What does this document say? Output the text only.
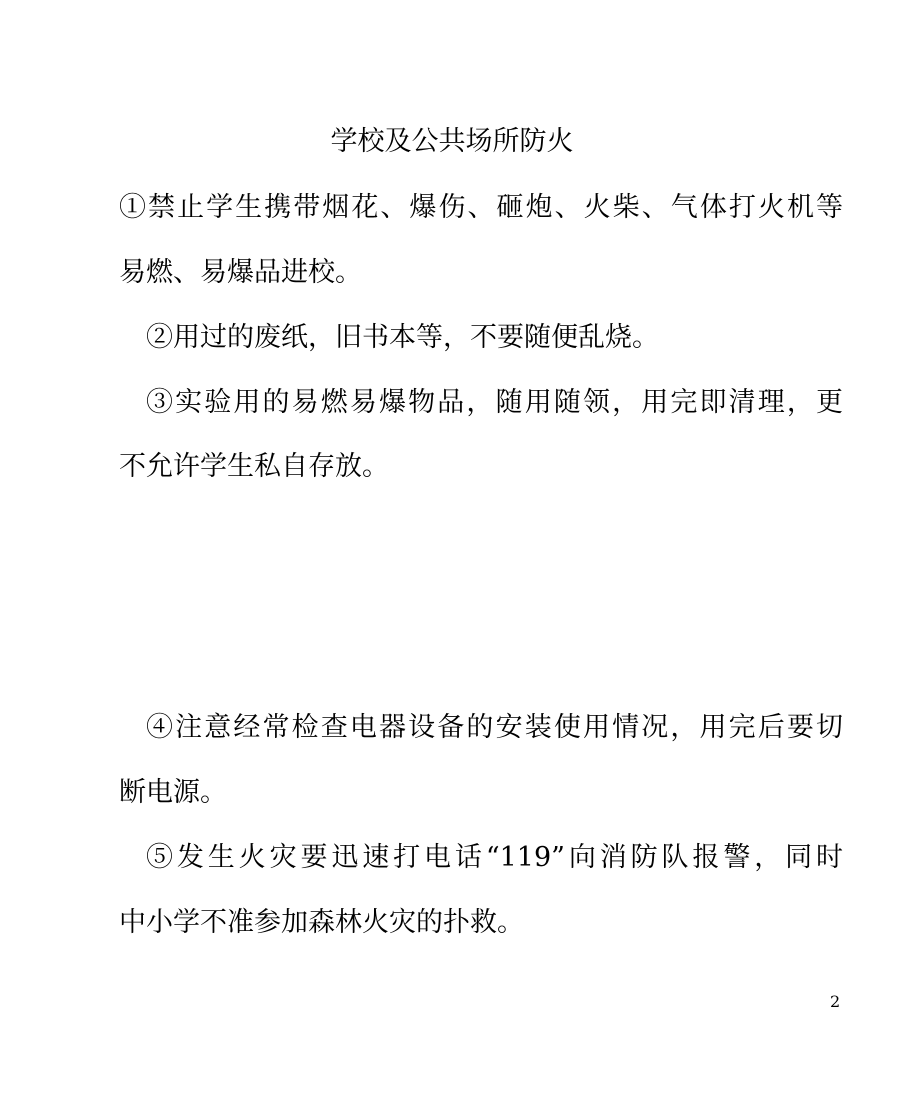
学校及公共场所防火
①禁止学生携带烟花、爆伤、砸炮、火柴、气体打火机等
易燃、易爆品进校。
②用过的废纸，旧书本等，不要随便乱烧。
③实验用的易燃易爆物品，随用随领，用完即清理，更
不允许学生私自存放。
④注意经常检查电器设备的安装使用情况，用完后要切
断电源。
⑤发生火灾要迅速打电话“119”向消防队报警，同时
中小学不准参加森林火灾的扑救。
2
